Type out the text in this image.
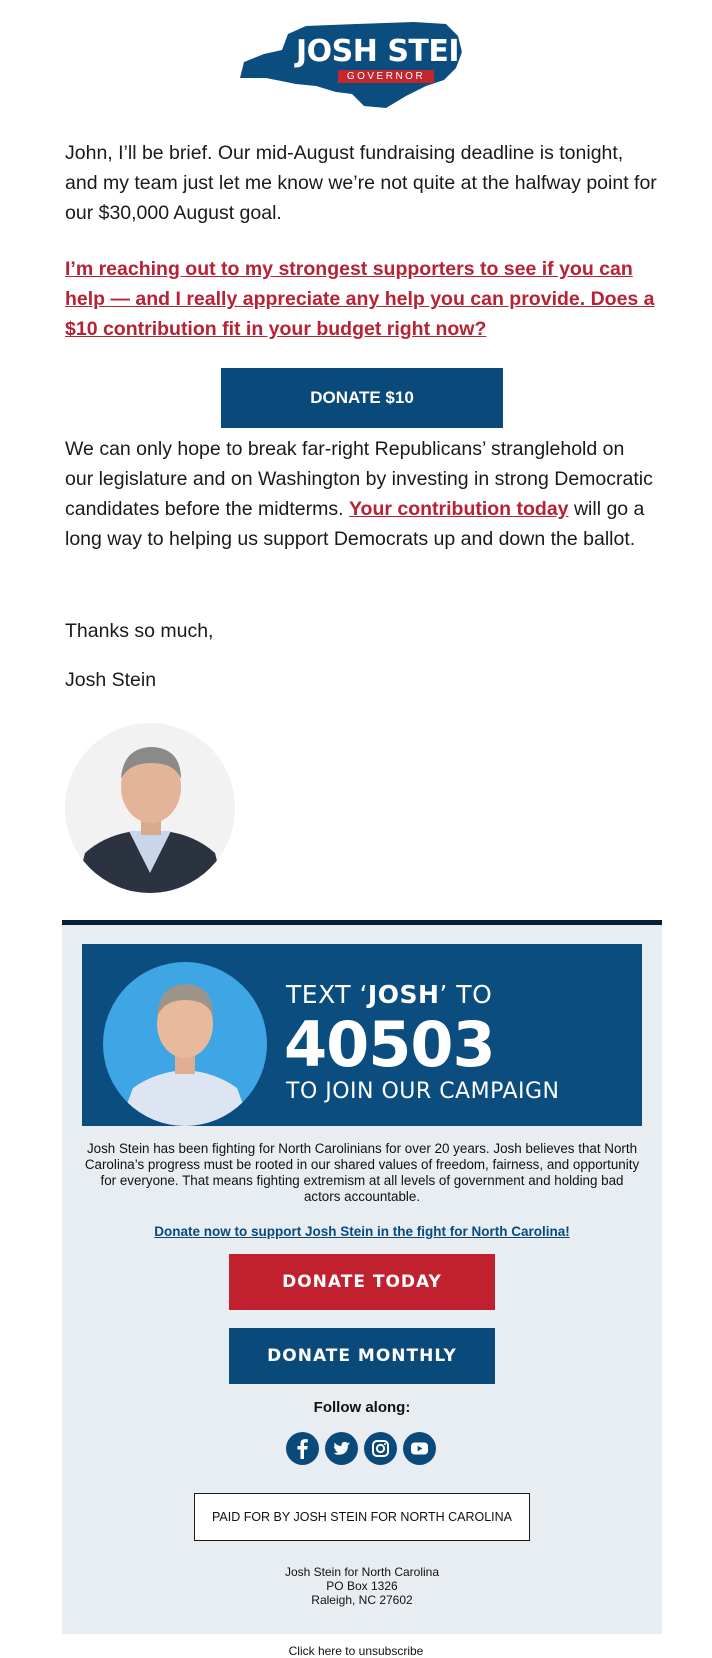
JOSH STEIN
GOVERNOR

John, I’ll be brief. Our mid-August fundraising deadline is tonight, and my team just let me know we’re not quite at the halfway point for our $30,000 August goal.

I’m reaching out to my strongest supporters to see if you can help — and I really appreciate any help you can provide. Does a $10 contribution fit in your budget right now?

DONATE $10

We can only hope to break far-right Republicans’ stranglehold on our legislature and on Washington by investing in strong Democratic candidates before the midterms. Your contribution today will go a long way to helping us support Democrats up and down the ballot.

Thanks so much,

Josh Stein

TEXT ‘JOSH’ TO
40503
TO JOIN OUR CAMPAIGN

Josh Stein has been fighting for North Carolinians for over 20 years. Josh believes that North Carolina’s progress must be rooted in our shared values of freedom, fairness, and opportunity for everyone. That means fighting extremism at all levels of government and holding bad actors accountable.

Donate now to support Josh Stein in the fight for North Carolina!
DONATE TODAY
DONATE MONTHLY
Follow along:
PAID FOR BY JOSH STEIN FOR NORTH CAROLINA
Josh Stein for North Carolina
PO Box 1326
Raleigh, NC 27602
Click here to unsubscribe
